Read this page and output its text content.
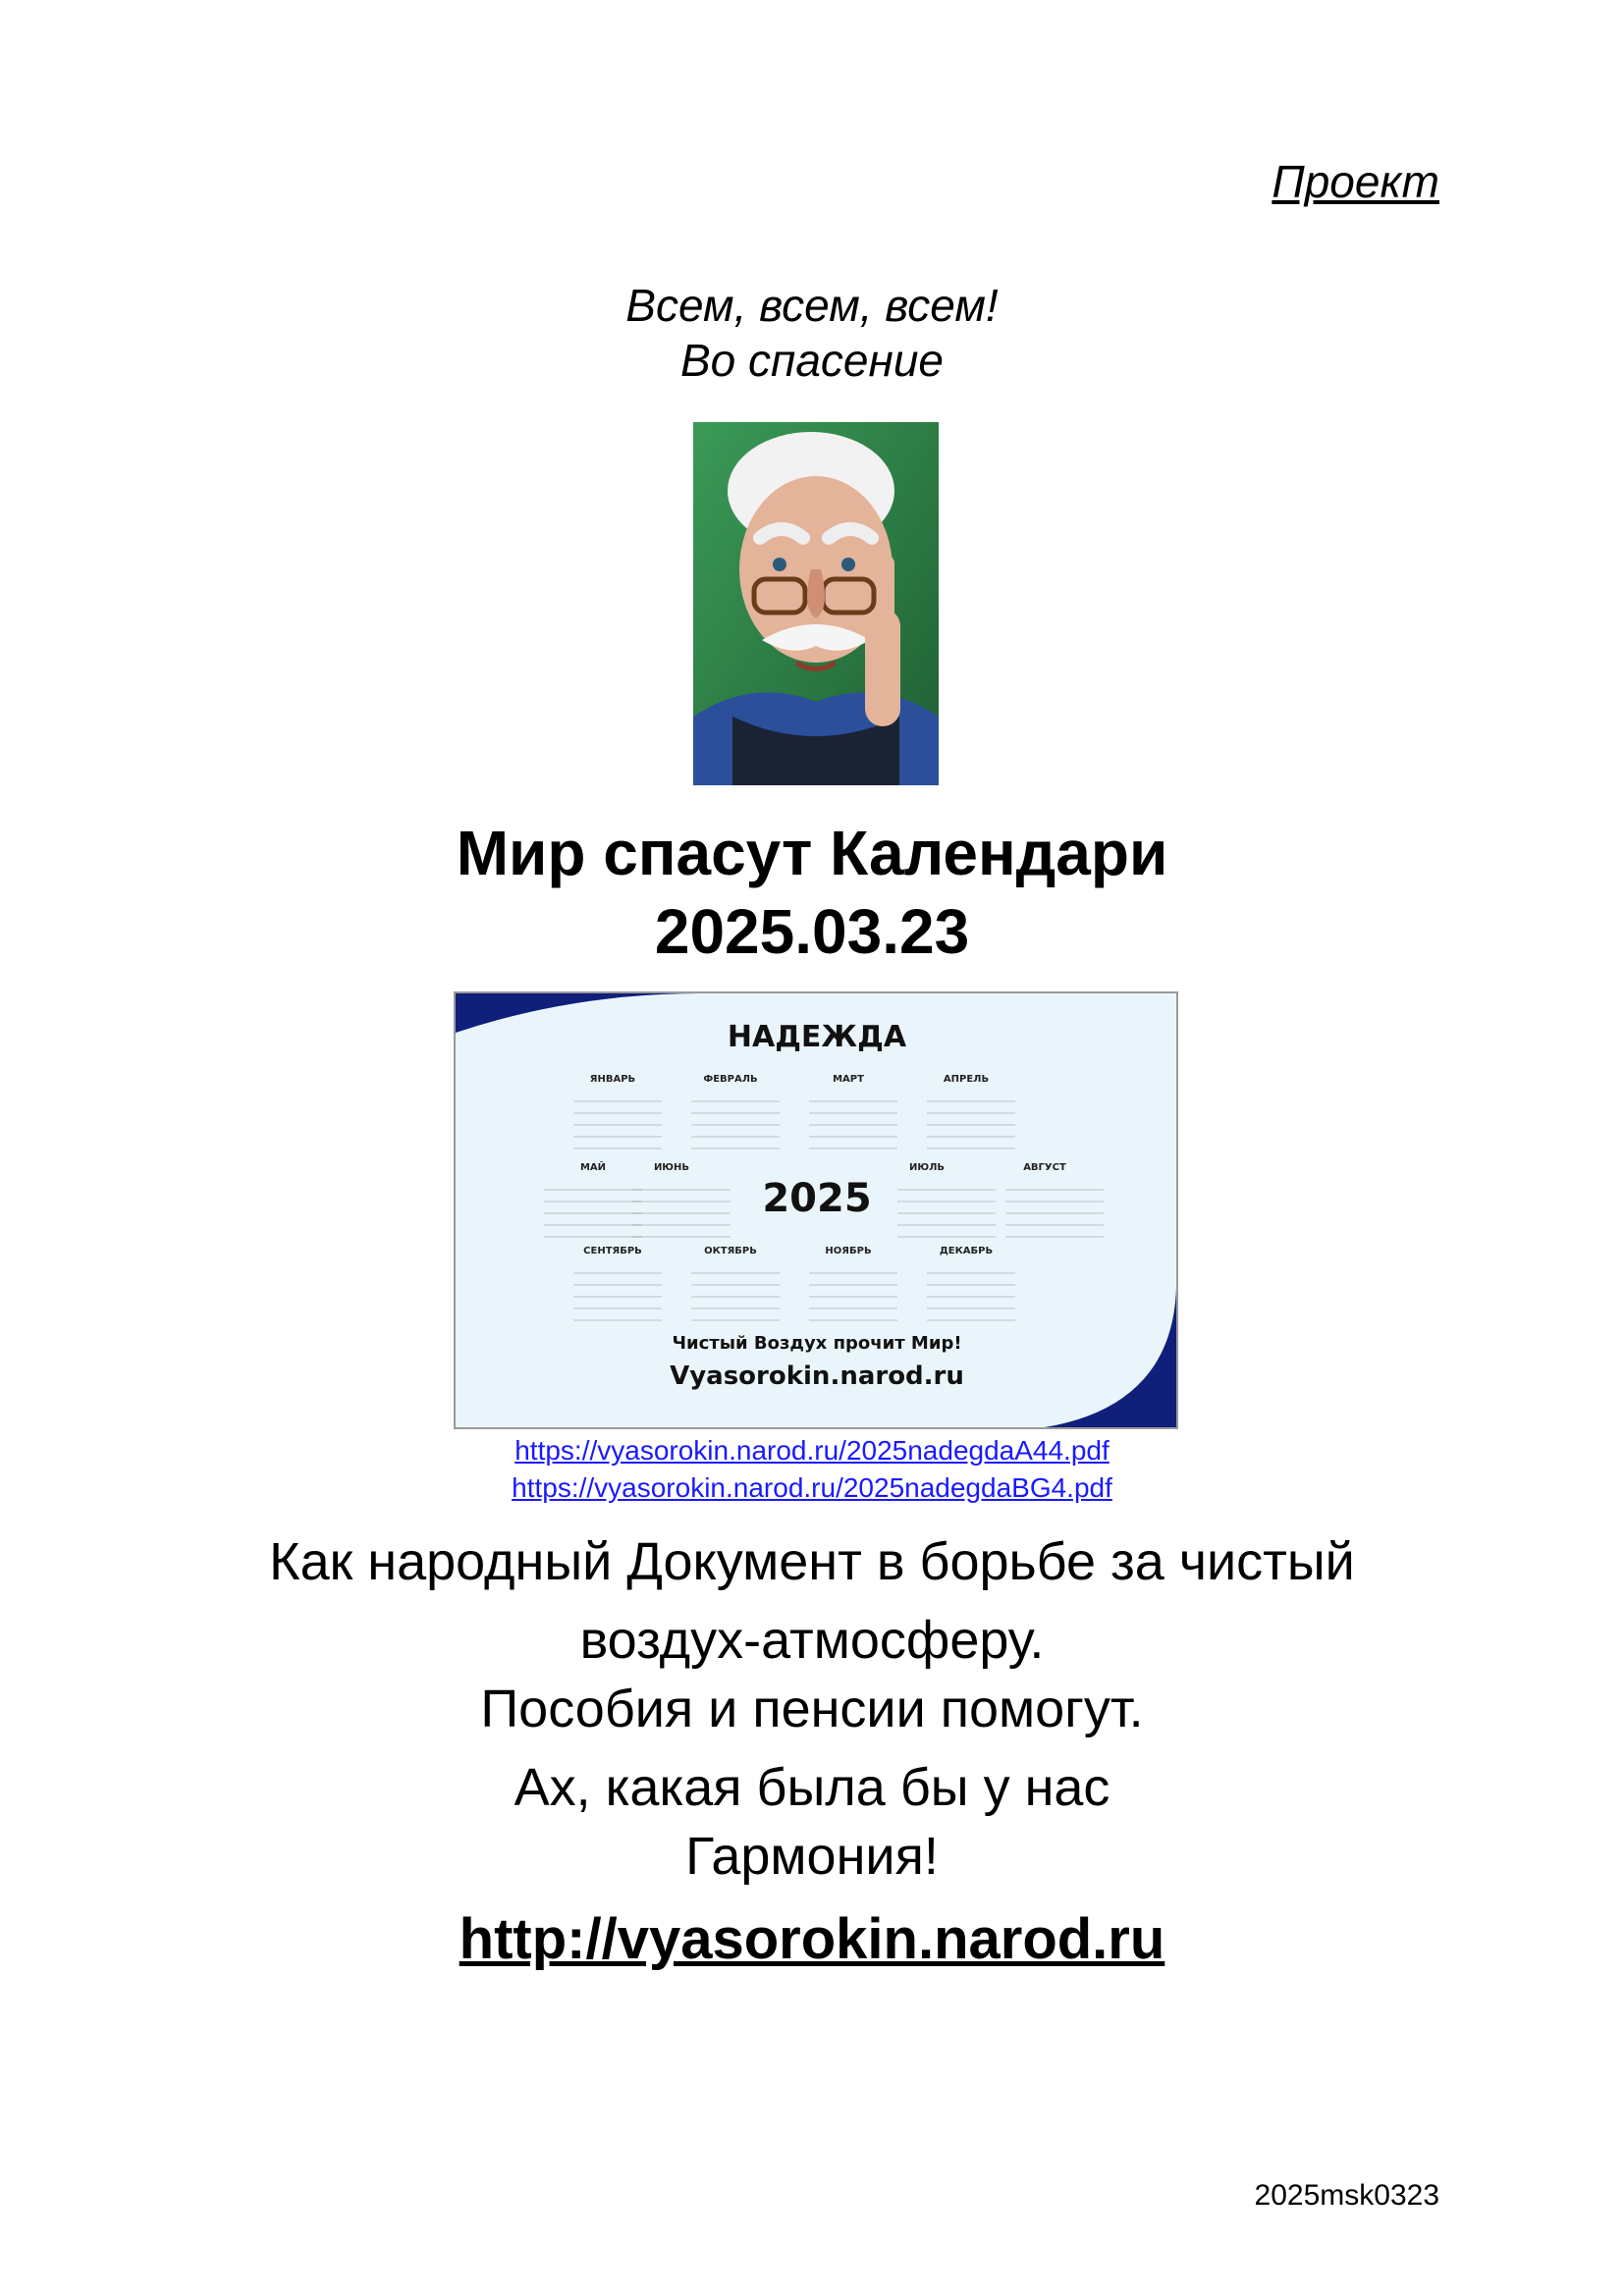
Проект
Всем, всем, всем!
Во спасение
Мир спасут Календари
2025.03.23
НАДЕЖДА
ЯНВАРЬ	ФЕВРАЛЬ	МАРТ	АПРЕЛЬ
МАЙ	ИЮНЬ	ИЮЛЬ	АВГУСТ
СЕНТЯБРЬ	ОКТЯБРЬ	НОЯБРЬ	ДЕКАБРЬ
2025
Чистый Воздух прочит Мир!
Vyasorokin.narod.ru
https://vyasorokin.narod.ru/2025nadegdaA44.pdf
https://vyasorokin.narod.ru/2025nadegdaBG4.pdf
Как народный Документ в борьбе за чистый
воздух-атмосферу.
Пособия и пенсии помогут.
Ах, какая была бы у нас
Гармония!
http://vyasorokin.narod.ru
2025msk0323
